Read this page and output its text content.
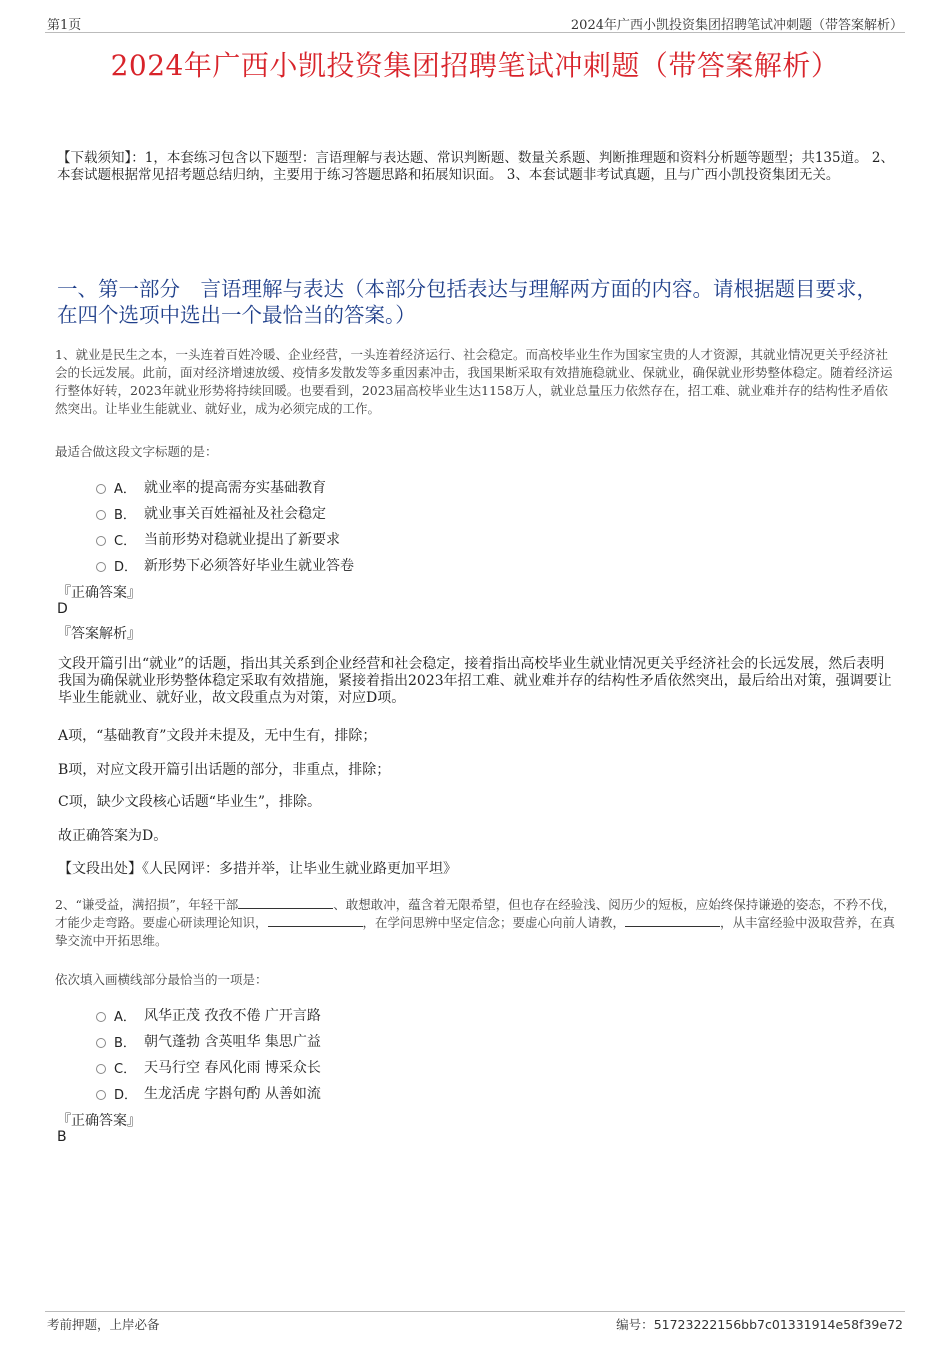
第1页	2024年广西小凯投资集团招聘笔试冲刺题（带答案解析）
2024年广西小凯投资集团招聘笔试冲刺题（带答案解析）
【下载须知】：1，本套练习包含以下题型：言语理解与表达题、常识判断题、数量关系题、判断推理题和资料分析题等题型；共135道。 2、本套试题根据常见招考题总结归纳，主要用于练习答题思路和拓展知识面。 3、本套试题非考试真题，且与广西小凯投资集团无关。
一、第一部分　言语理解与表达（本部分包括表达与理解两方面的内容。请根据题目要求，在四个选项中选出一个最恰当的答案。）
1、就业是民生之本，一头连着百姓冷暖、企业经营，一头连着经济运行、社会稳定。而高校毕业生作为国家宝贵的人才资源，其就业情况更关乎经济社会的长远发展。此前，面对经济增速放缓、疫情多发散发等多重因素冲击，我国果断采取有效措施稳就业、保就业，确保就业形势整体稳定。随着经济运行整体好转，2023年就业形势将持续回暖。也要看到，2023届高校毕业生达1158万人，就业总量压力依然存在，招工难、就业难并存的结构性矛盾依然突出。让毕业生能就业、就好业，成为必须完成的工作。
最适合做这段文字标题的是：
A． 就业率的提高需夯实基础教育
B． 就业事关百姓福祉及社会稳定
C． 当前形势对稳就业提出了新要求
D． 新形势下必须答好毕业生就业答卷
『正确答案』
D
『答案解析』
文段开篇引出“就业”的话题，指出其关系到企业经营和社会稳定，接着指出高校毕业生就业情况更关乎经济社会的长远发展，然后表明我国为确保就业形势整体稳定采取有效措施，紧接着指出2023年招工难、就业难并存的结构性矛盾依然突出，最后给出对策，强调要让毕业生能就业、就好业，故文段重点为对策，对应D项。
A项，“基础教育”文段并未提及，无中生有，排除；
B项，对应文段开篇引出话题的部分，非重点，排除；
C项，缺少文段核心话题“毕业生”，排除。
故正确答案为D。
【文段出处】《人民网评：多措并举，让毕业生就业路更加平坦》
2、“谦受益，满招损”，年轻干部	、敢想敢冲，蕴含着无限希望，但也存在经验浅、阅历少的短板，应始终保持谦逊的姿态，不矜不伐，才能少走弯路。要虚心研读理论知识，	，在学问思辨中坚定信念；要虚心向前人请教，	，从丰富经验中汲取营养，在真挚交流中开拓思维。
依次填入画横线部分最恰当的一项是：
A． 风华正茂 孜孜不倦 广开言路
B． 朝气蓬勃 含英咀华 集思广益
C． 天马行空 春风化雨 博采众长
D． 生龙活虎 字斟句酌 从善如流
『正确答案』
B
考前押题，上岸必备	编号：51723222156bb7c01331914e58f39e72
